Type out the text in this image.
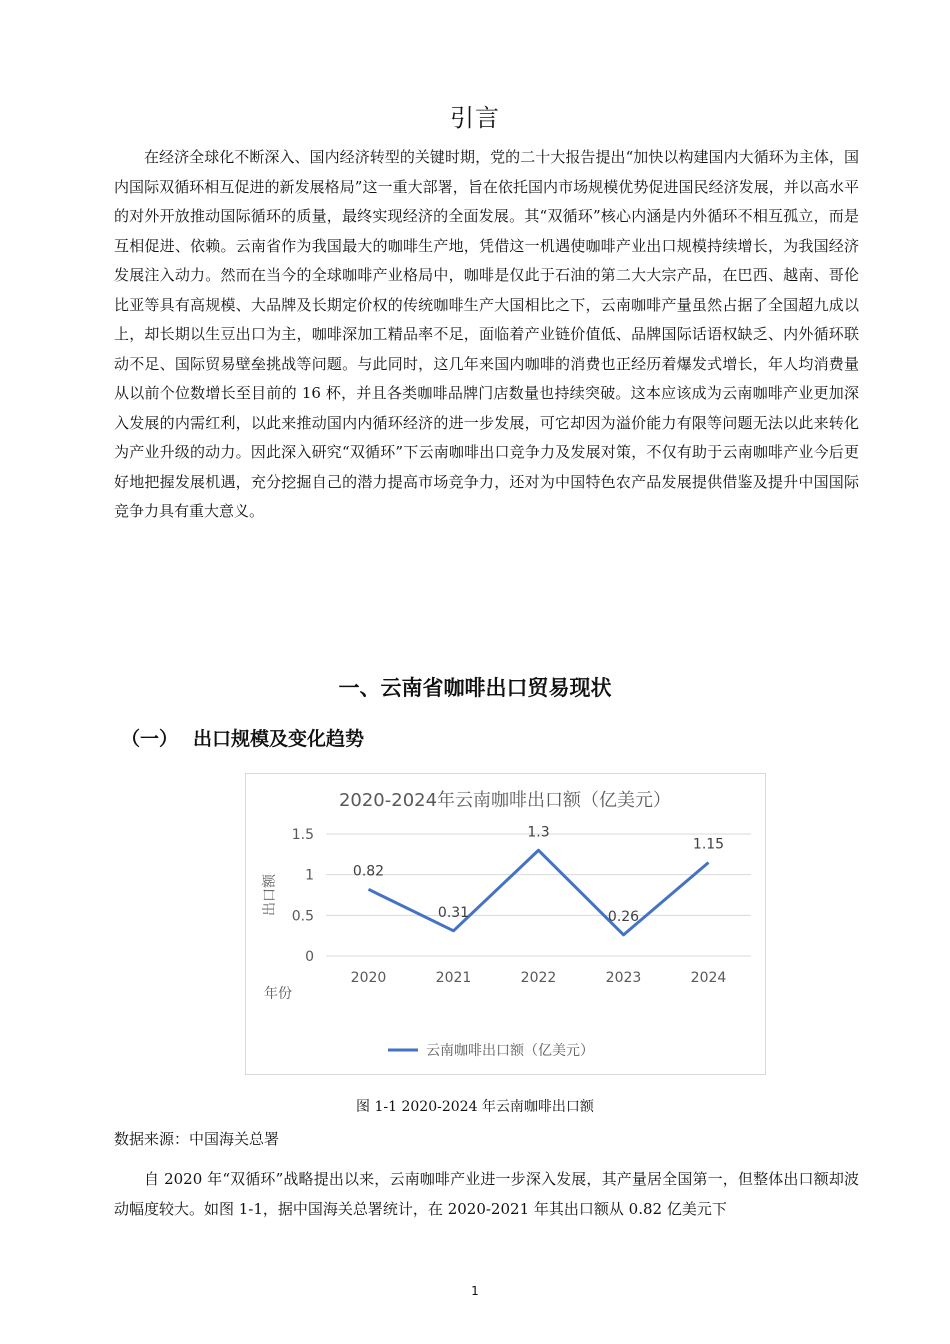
引言

在经济全球化不断深入、国内经济转型的关键时期，党的二十大报告提出“加快以构建国内大循环为主体，国内国际双循环相互促进的新发展格局”这一重大部署，旨在依托国内市场规模优势促进国民经济发展，并以高水平的对外开放推动国际循环的质量，最终实现经济的全面发展。其“双循环”核心内涵是内外循环不相互孤立，而是互相促进、依赖。云南省作为我国最大的咖啡生产地，凭借这一机遇使咖啡产业出口规模持续增长，为我国经济发展注入动力。然而在当今的全球咖啡产业格局中，咖啡是仅此于石油的第二大大宗产品，在巴西、越南、哥伦比亚等具有高规模、大品牌及长期定价权的传统咖啡生产大国相比之下，云南咖啡产量虽然占据了全国超九成以上，却长期以生豆出口为主，咖啡深加工精品率不足，面临着产业链价值低、品牌国际话语权缺乏、内外循环联动不足、国际贸易壁垒挑战等问题。与此同时，这几年来国内咖啡的消费也正经历着爆发式增长，年人均消费量从以前个位数增长至目前的 16 杯，并且各类咖啡品牌门店数量也持续突破。这本应该成为云南咖啡产业更加深入发展的内需红利，以此来推动国内内循环经济的进一步发展，可它却因为溢价能力有限等问题无法以此来转化为产业升级的动力。因此深入研究“双循环”下云南咖啡出口竞争力及发展对策，不仅有助于云南咖啡产业今后更好地把握发展机遇，充分挖掘自己的潜力提高市场竞争力，还对为中国特色农产品发展提供借鉴及提升中国国际竞争力具有重大意义。

一、云南省咖啡出口贸易现状
（一） 出口规模及变化趋势
2020-2024年云南咖啡出口额（亿美元）
0
0.5
1
1.5
出口额
2020	2021	2022	2023	2024
年份
0.82
0.31
1.3
0.26
1.15
云南咖啡出口额（亿美元）
图 1-1 2020-2024 年云南咖啡出口额
数据来源：中国海关总署

自 2020 年“双循环”战略提出以来，云南咖啡产业进一步深入发展，其产量居全国第一，但整体出口额却波动幅度较大。如图 1-1，据中国海关总署统计，在 2020-2021 年其出口额从 0.82 亿美元下

1
